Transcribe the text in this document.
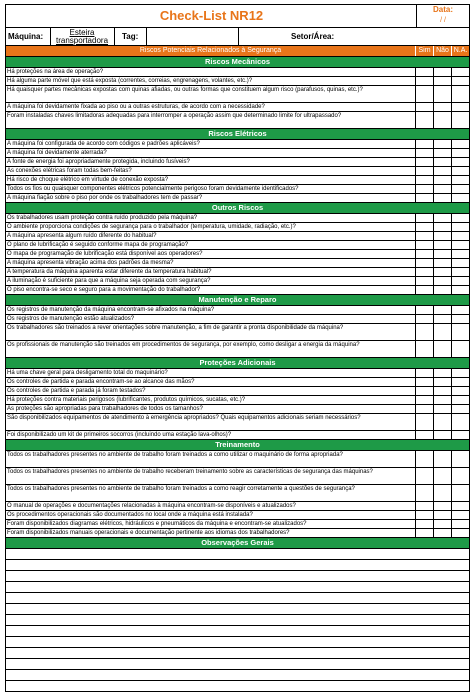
Check-List NR12	Data:
/ /
Máquina:	Esteira transportadora	Tag:	Setor/Área:
Riscos Potenciais Relacionados à Segurança	Sim Não N.A.
Riscos Mecânicos
Há proteções na área de operação?
Há alguma parte móvel que está exposta (correntes, correias, engrenagens, volantes, etc.)?
Há quaisquer partes mecânicas expostas com quinas afiadas, ou outras formas que constituem algum risco (parafusos, quinas, etc.)?
A máquina foi devidamente fixada ao piso ou a outras estruturas, de acordo com a necessidade?
Foram instaladas chaves limitadoras adequadas para interromper a operação assim que determinado limite for ultrapassado?
Riscos Elétricos
A máquina foi configurada de acordo com códigos e padrões aplicáveis?
A máquina foi devidamente aterrada?
A fonte de energia foi apropriadamente protegida, incluindo fusíveis?
As conexões elétricas foram todas bem-feitas?
Há risco de choque elétrico em virtude de conexão exposta?
Todos os fios ou quaisquer componentes elétricos potencialmente perigoso foram devidamente identificados?
A máquina fiação sobre o piso por onde os trabalhadores tem de passar?
Outros Riscos
Os trabalhadores usam proteção contra ruído produzido pela máquina?
O ambiente proporciona condições de segurança para o trabalhador (temperatura, umidade, radiação, etc.)?
A máquina apresenta algum ruído diferente do habitual?
O plano de lubrificação é seguido conforme mapa de programação?
O mapa de programação de lubrificação está disponível aos operadores?
A máquina apresenta vibração acima dos padrões da mesma?
A temperatura da máquina aparenta estar diferente da temperatura habitual?
A iluminação é suficiente para que a máquina seja operada com segurança?
O piso encontra-se seco e seguro para a movimentação do trabalhador?
Manutenção e Reparo
Os registros de manutenção da máquina encontram-se afixados na máquina?
Os registros de manutenção estão atualizados?
Os trabalhadores são treinados a rever orientações sobre manutenção, a fim de garantir a pronta disponibilidade da máquina?
Os profissionais de manutenção são treinados em procedimentos de segurança, por exemplo, como desligar a energia da máquina?
Proteções Adicionais
Há uma chave geral para desligamento total do maquinário?
Os controles de partida e parada encontram-se ao alcance das mãos?
Os controles de partida e parada já foram testados?
Há proteções contra materiais perigosos (lubrificantes, produtos químicos, sucatas, etc.)?
As proteções são apropriadas para trabalhadores de todos os tamanhos?
São disponibilizados equipamentos de atendimento à emergência apropriados? Quais equipamentos adicionais seriam necessários?
Foi disponibilizado um kit de primeiros socorros (incluindo uma estação lava-olhos)?
Treinamento
Todos os trabalhadores presentes no ambiente de trabalho foram treinados a como utilizar o maquinário de forma apropriada?
Todos os trabalhadores presentes no ambiente de trabalho receberam treinamento sobre as características de segurança das máquinas?
Todos os trabalhadores presentes no ambiente de trabalho foram treinados a como reagir corretamente a questões de segurança?
O manual de operações e documentações relacionadas à máquina encontram-se disponíveis e atualizados?
Os procedimentos operacionais são documentados no local onde a máquina está instalada?
Foram disponibilizados diagramas elétricos, hidráulicos e pneumáticos da máquina e encontram-se atualizados?
Foram disponibilizados manuais operacionais e documentação pertinente aos idiomas dos trabalhadores?
Observações Gerais
